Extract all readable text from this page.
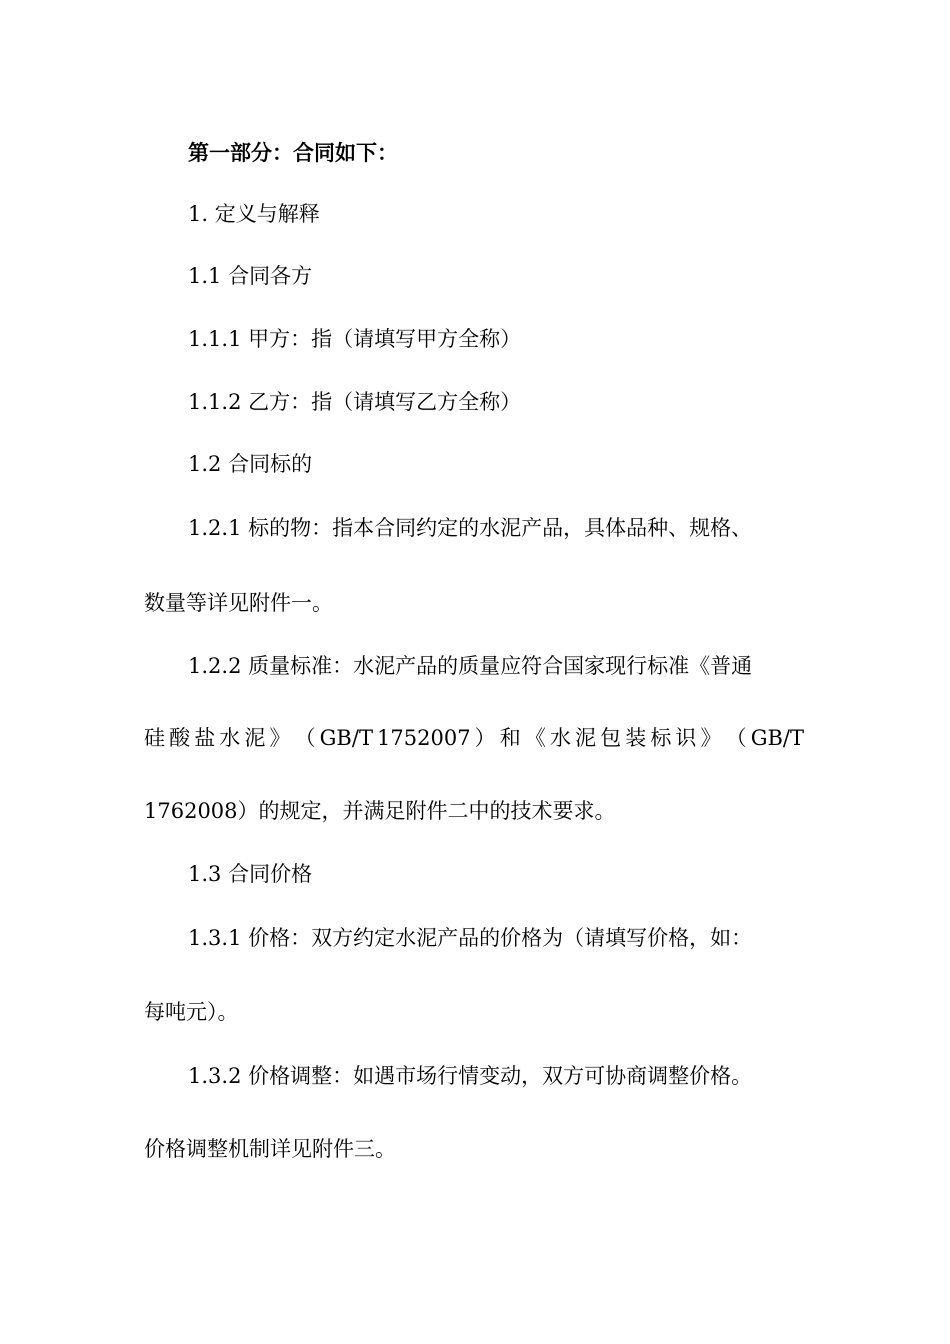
第一部分：合同如下：
1. 定义与解释
1.1 合同各方
1.1.1 甲方：指（请填写甲方全称）
1.1.2 乙方：指（请填写乙方全称）
1.2 合同标的
1.2.1 标的物：指本合同约定的水泥产品，具体品种、规格、
数量等详见附件一。
1.2.2 质量标准：水泥产品的质量应符合国家现行标准《普通
硅 酸 盐 水 泥 》 （ GB/T 1752007 ） 和 《 水 泥 包 装 标 识 》 （ GB/T
1762008）的规定，并满足附件二中的技术要求。
1.3 合同价格
1.3.1 价格：双方约定水泥产品的价格为（请填写价格，如：
每吨元）。
1.3.2 价格调整：如遇市场行情变动，双方可协商调整价格。
价格调整机制详见附件三。
